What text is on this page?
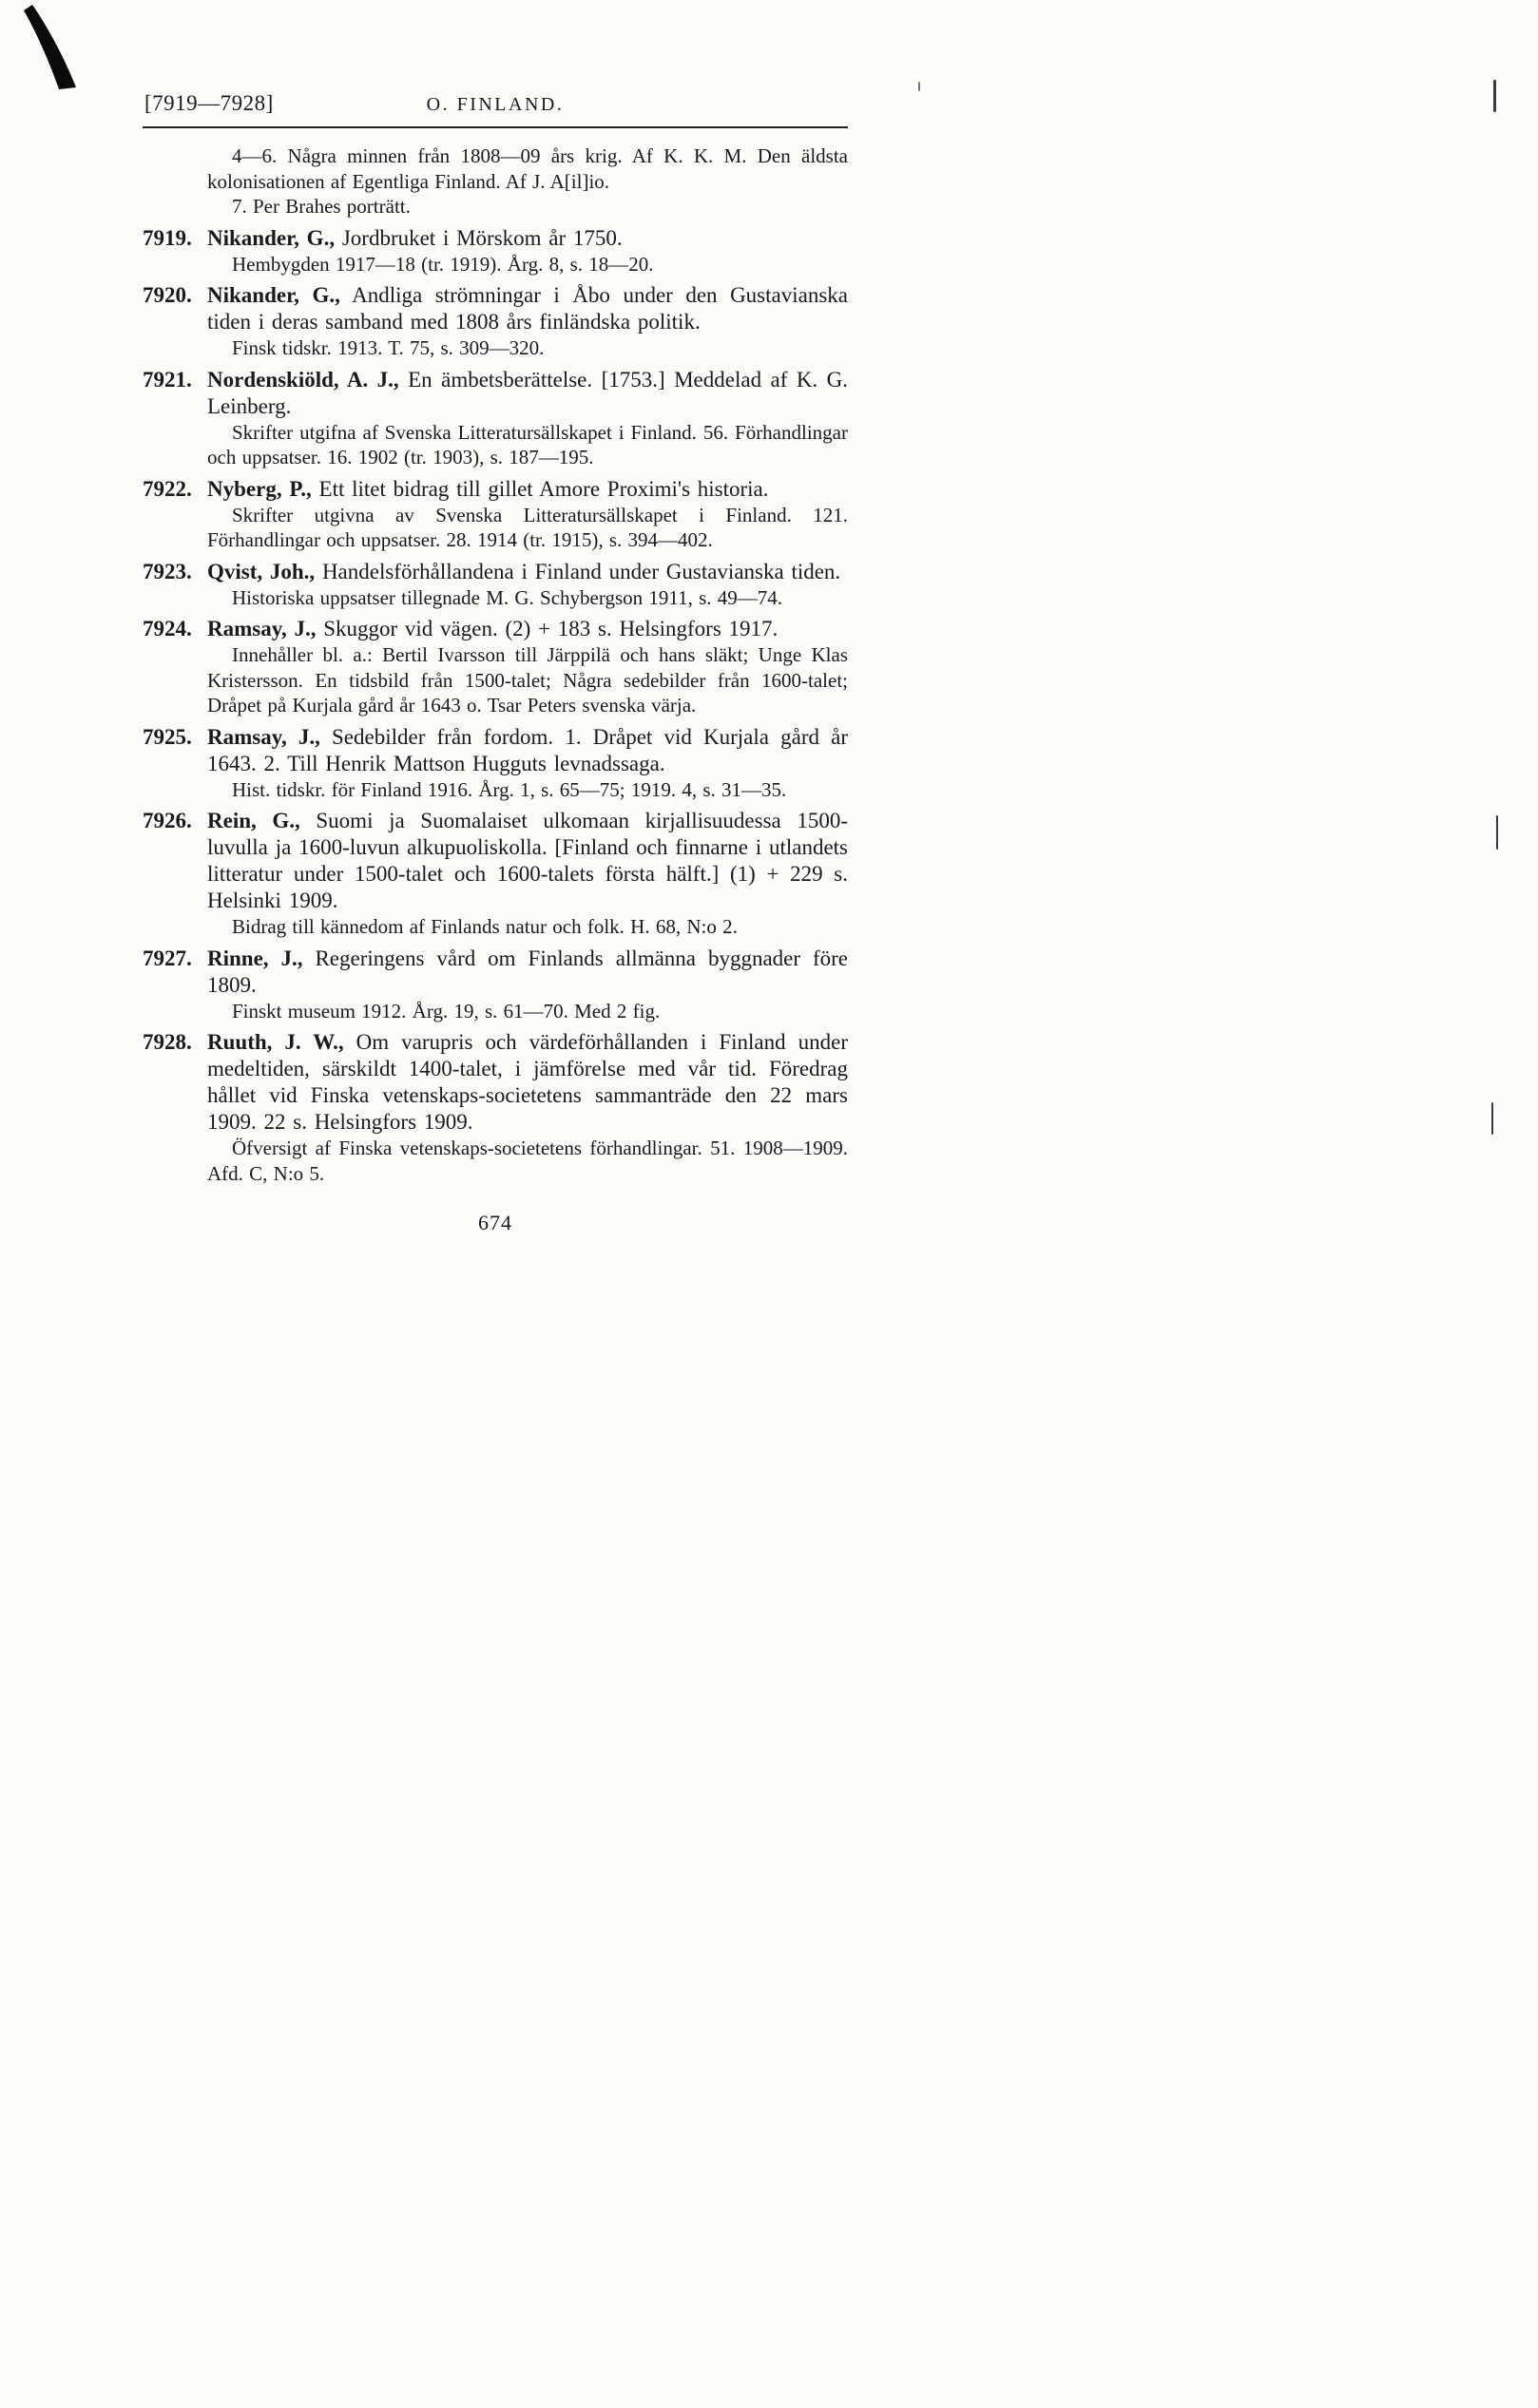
[7919—7928]	O. FINLAND.

4—6. Några minnen från 1808—09 års krig. Af K. K. M. Den äldsta kolonisationen af Egentliga Finland. Af J. A[il]io.

7. Per Brahes porträtt.

7919. Nikander, G., Jordbruket i Mörskom år 1750.

Hembygden 1917—18 (tr. 1919). Årg. 8, s. 18—20.

7920. Nikander, G., Andliga strömningar i Åbo under den Gustavianska tiden i deras samband med 1808 års finländska politik.

Finsk tidskr. 1913. T. 75, s. 309—320.

7921. Nordenskiöld, A. J., En ämbetsberättelse. [1753.] Meddelad af K. G. Leinberg.

Skrifter utgifna af Svenska Litteratursällskapet i Finland. 56. Förhandlingar och uppsatser. 16. 1902 (tr. 1903), s. 187—195.

7922. Nyberg, P., Ett litet bidrag till gillet Amore Proximi's historia.

Skrifter utgivna av Svenska Litteratursällskapet i Finland. 121. Förhandlingar och uppsatser. 28. 1914 (tr. 1915), s. 394—402.

7923. Qvist, Joh., Handelsförhållandena i Finland under Gustavianska tiden.

Historiska uppsatser tillegnade M. G. Schybergson 1911, s. 49—74.

7924. Ramsay, J., Skuggor vid vägen. (2) + 183 s. Helsingfors 1917.

Innehåller bl. a.: Bertil Ivarsson till Järppilä och hans släkt; Unge Klas Kristersson. En tidsbild från 1500-talet; Några sedebilder från 1600-talet; Dråpet på Kurjala gård år 1643 o. Tsar Peters svenska värja.

7925. Ramsay, J., Sedebilder från fordom. 1. Dråpet vid Kurjala gård år 1643. 2. Till Henrik Mattson Hugguts levnadssaga.

Hist. tidskr. för Finland 1916. Årg. 1, s. 65—75; 1919. 4, s. 31—35.

7926. Rein, G., Suomi ja Suomalaiset ulkomaan kirjallisuudessa 1500-luvulla ja 1600-luvun alkupuoliskolla. [Finland och finnarne i utlandets litteratur under 1500-talet och 1600-talets första hälft.] (1) + 229 s. Helsinki 1909.

Bidrag till kännedom af Finlands natur och folk. H. 68, N:o 2.

7927. Rinne, J., Regeringens vård om Finlands allmänna byggnader före 1809.

Finskt museum 1912. Årg. 19, s. 61—70. Med 2 fig.

7928. Ruuth, J. W., Om varupris och värdeförhållanden i Finland under medeltiden, särskildt 1400-talet, i jämförelse med vår tid. Föredrag hållet vid Finska vetenskaps-societetens sammanträde den 22 mars 1909. 22 s. Helsingfors 1909.

Öfversigt af Finska vetenskaps-societetens förhandlingar. 51. 1908—1909. Afd. C, N:o 5.

674
